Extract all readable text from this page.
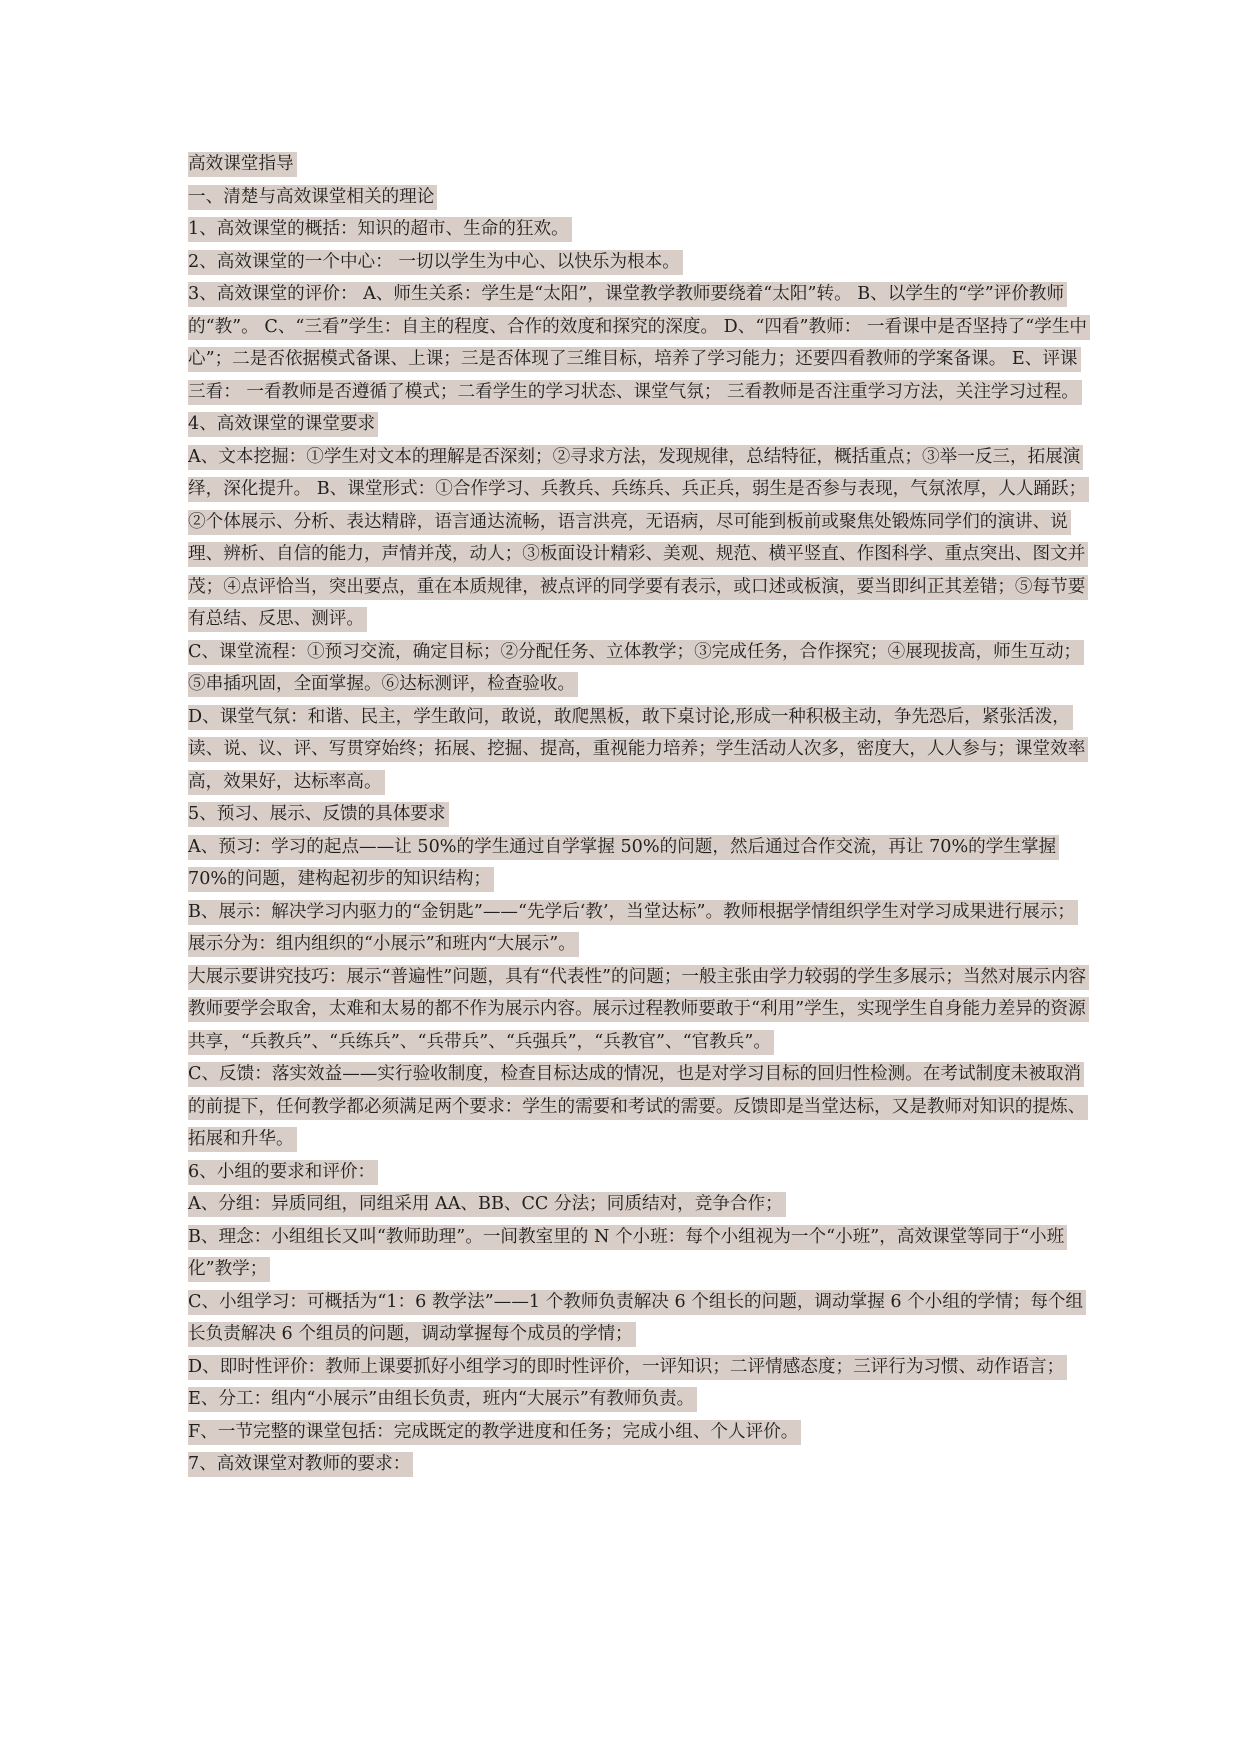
高效课堂指导

一、清楚与高效课堂相关的理论

1、高效课堂的概括：知识的超市、生命的狂欢。

2、高效课堂的一个中心： 一切以学生为中心、以快乐为根本。

3、高效课堂的评价： A、师生关系：学生是“太阳”，课堂教学教师要绕着“太阳”转。 B、以学生的“学”评价教师的“教”。 C、“三看”学生：自主的程度、合作的效度和探究的深度。 D、“四看”教师： 一看课中是否坚持了“学生中心”；二是否依据模式备课、上课；三是否体现了三维目标，培养了学习能力；还要四看教师的学案备课。 E、评课三看： 一看教师是否遵循了模式；二看学生的学习状态、课堂气氛； 三看教师是否注重学习方法，关注学习过程。 4、高效课堂的课堂要求

A、文本挖掘：①学生对文本的理解是否深刻；②寻求方法，发现规律，总结特征，概括重点；③举一反三，拓展演绎，深化提升。 B、课堂形式：①合作学习、兵教兵、兵练兵、兵正兵，弱生是否参与表现，气氛浓厚，人人踊跃；②个体展示、分析、表达精辟，语言通达流畅，语言洪亮，无语病，尽可能到板前或聚焦处锻炼同学们的演讲、说理、辨析、自信的能力，声情并茂，动人；③板面设计精彩、美观、规范、横平竖直、作图科学、重点突出、图文并茂；④点评恰当，突出要点，重在本质规律，被点评的同学要有表示，或口述或板演，要当即纠正其差错；⑤每节要有总结、反思、测评。

C、课堂流程：①预习交流，确定目标；②分配任务、立体教学；③完成任务，合作探究；④展现拔高，师生互动；⑤串插巩固，全面掌握。⑥达标测评，检查验收。

D、课堂气氛：和谐、民主，学生敢问，敢说，敢爬黑板，敢下桌讨论,形成一种积极主动，争先恐后，紧张活泼，读、说、议、评、写贯穿始终；拓展、挖掘、提高，重视能力培养；学生活动人次多，密度大，人人参与；课堂效率高，效果好，达标率高。

5、预习、展示、反馈的具体要求

A、预习：学习的起点——让 50%的学生通过自学掌握 50%的问题，然后通过合作交流，再让 70%的学生掌握 70%的问题，建构起初步的知识结构；

B、展示：解决学习内驱力的“金钥匙”——“先学后‘教’，当堂达标”。教师根据学情组织学生对学习成果进行展示；

展示分为：组内组织的“小展示”和班内“大展示”。

大展示要讲究技巧：展示“普遍性”问题，具有“代表性”的问题；一般主张由学力较弱的学生多展示；当然对展示内容教师要学会取舍，太难和太易的都不作为展示内容。展示过程教师要敢于“利用”学生，实现学生自身能力差异的资源共享，“兵教兵”、“兵练兵”、“兵带兵”、“兵强兵”，“兵教官”、“官教兵”。

C、反馈：落实效益——实行验收制度，检查目标达成的情况，也是对学习目标的回归性检测。在考试制度未被取消的前提下，任何教学都必须满足两个要求：学生的需要和考试的需要。反馈即是当堂达标，又是教师对知识的提炼、拓展和升华。

6、小组的要求和评价：

A、分组：异质同组，同组采用 AA、BB、CC 分法；同质结对，竞争合作；

B、理念：小组组长又叫“教师助理”。一间教室里的 N 个小班：每个小组视为一个“小班”，高效课堂等同于“小班化”教学；

C、小组学习：可概括为“1：6 教学法”——1 个教师负责解决 6 个组长的问题，调动掌握 6 个小组的学情；每个组长负责解决 6 个组员的问题，调动掌握每个成员的学情；

D、即时性评价：教师上课要抓好小组学习的即时性评价，一评知识；二评情感态度；三评行为习惯、动作语言；

E、分工：组内“小展示”由组长负责，班内“大展示”有教师负责。

F、一节完整的课堂包括：完成既定的教学进度和任务；完成小组、个人评价。

7、高效课堂对教师的要求：
